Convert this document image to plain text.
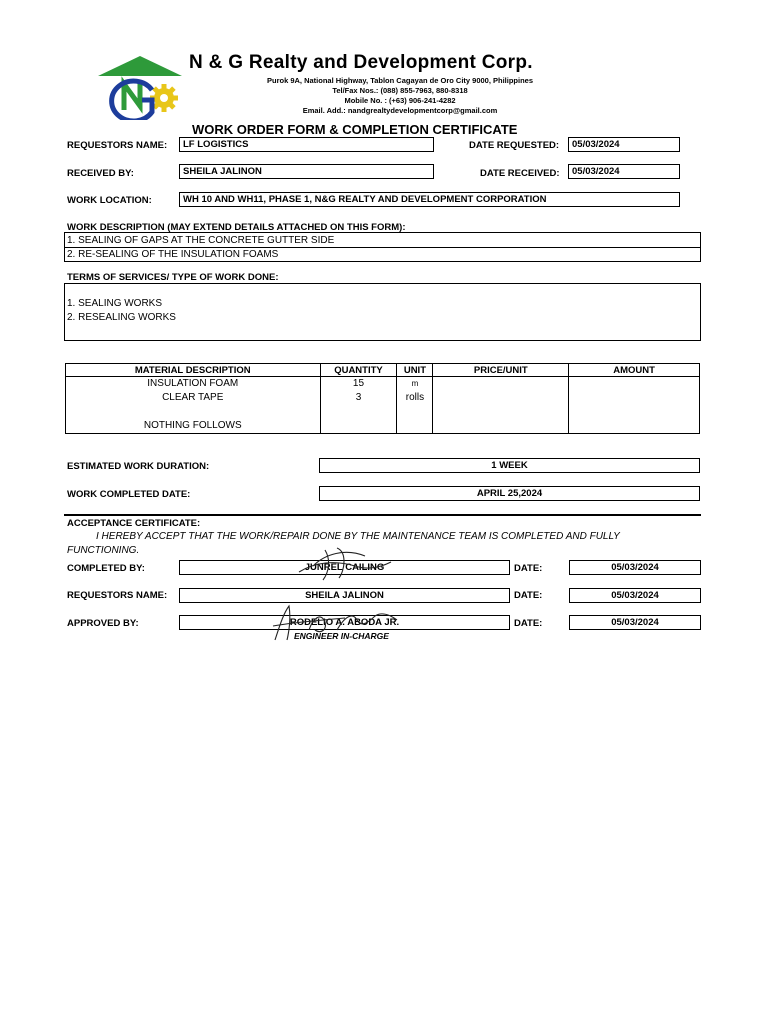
N & G Realty and Development Corp.
Purok 9A, National Highway, Tablon Cagayan de Oro City 9000, Philippines
Tel/Fax Nos.: (088) 855-7963, 880-8318
Mobile No. : (+63) 906-241-4282
Email. Add.: nandgrealtydevelopmentcorp@gmail.com
WORK ORDER FORM & COMPLETION CERTIFICATE
REQUESTORS NAME:	LF LOGISTICS	DATE REQUESTED:	05/03/2024
RECEIVED BY:	SHEILA JALINON	DATE RECEIVED:	05/03/2024
WORK LOCATION:	WH 10 AND WH11, PHASE 1, N&G REALTY AND DEVELOPMENT CORPORATION
WORK DESCRIPTION (MAY EXTEND DETAILS ATTACHED ON THIS FORM):
1. SEALING OF GAPS AT THE CONCRETE GUTTER SIDE
2. RE-SEALING OF THE INSULATION FOAMS
TERMS OF SERVICES/ TYPE OF WORK DONE:
1. SEALING WORKS
2. RESEALING WORKS
MATERIAL DESCRIPTION	QUANTITY	UNIT	PRICE/UNIT	AMOUNT
INSULATION FOAM	15	m		
CLEAR TAPE	3	rolls		
NOTHING FOLLOWS				
ESTIMATED WORK DURATION:	1 WEEK
WORK COMPLETED DATE:	APRIL 25,2024
ACCEPTANCE CERTIFICATE:
I HEREBY ACCEPT THAT THE WORK/REPAIR DONE BY THE MAINTENANCE TEAM IS COMPLETED AND FULLY
FUNCTIONING.
COMPLETED BY:	JUNREL CAILING	DATE:	05/03/2024
REQUESTORS NAME:	SHEILA JALINON	DATE:	05/03/2024
APPROVED BY:	RODELIO A. ABODA JR.	DATE:	05/03/2024
ENGINEER IN-CHARGE
